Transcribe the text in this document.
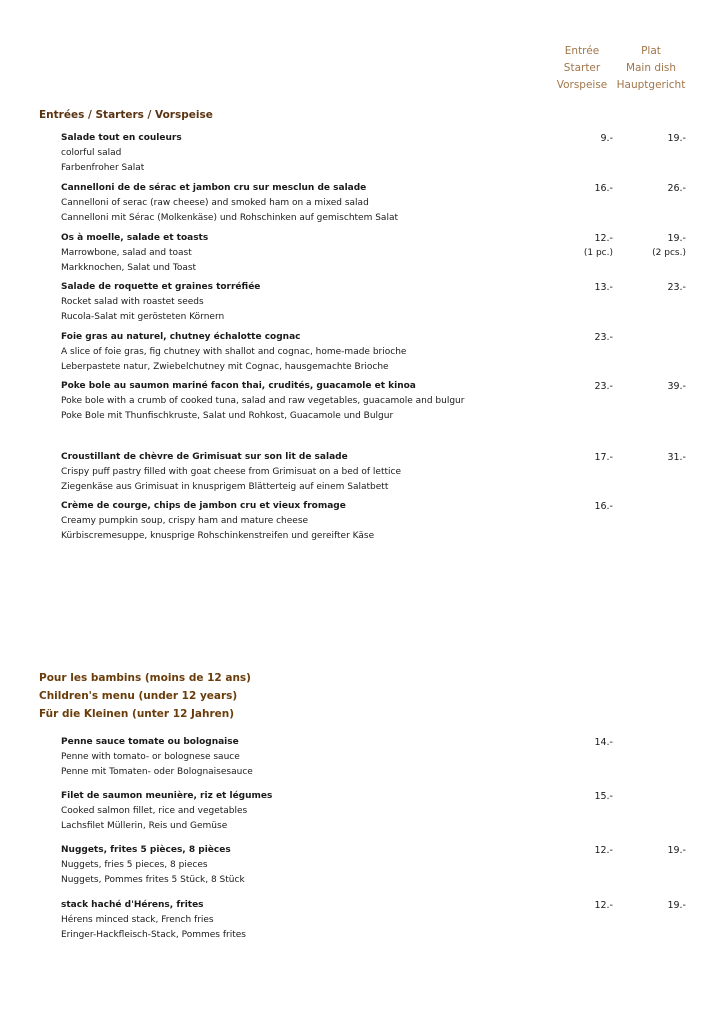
Entrée
Starter
Vorspeise
Plat
Main dish
Hauptgericht
Entrées / Starters / Vorspeise
Salade tout en couleurs
colorful salad
Farbenfroher Salat
9.-	19.-
Cannelloni de de sérac et jambon cru sur mesclun de salade
Cannelloni of serac (raw cheese) and smoked ham on a mixed salad
Cannelloni mit Sérac (Molkenkäse) und Rohschinken auf gemischtem Salat
16.-	26.-
Os à moelle, salade et toasts
Marrowbone, salad and toast
Markknochen, Salat und Toast
12.-	19.-
(1 pc.)	(2 pcs.)
Salade de roquette et graines torréfiée
Rocket salad with roastet seeds
Rucola-Salat mit gerösteten Körnern
13.-	23.-
Foie gras au naturel, chutney échalotte cognac
A slice of foie gras, fig chutney with shallot and cognac, home-made brioche
Leberpastete natur, Zwiebelchutney mit Cognac, hausgemachte Brioche
23.-
Poke bole au saumon mariné facon thai, crudités, guacamole et kinoa
Poke bole with a crumb of cooked tuna, salad and raw vegetables, guacamole and bulgur
Poke Bole mit Thunfischkruste, Salat und Rohkost, Guacamole und Bulgur
23.-	39.-
Croustillant de chèvre de Grimisuat sur son lit de salade
Crispy puff pastry filled with goat cheese from Grimisuat on a bed of lettice
Ziegenkäse aus Grimisuat in knusprigem Blätterteig auf einem Salatbett
17.-	31.-
Crème de courge, chips de jambon cru et vieux fromage
Creamy pumpkin soup, crispy ham and mature cheese
Kürbiscremesuppe, knusprige Rohschinkenstreifen und gereifter Käse
16.-
Pour les bambins (moins de 12 ans)
Children's menu (under 12 years)
Für die Kleinen (unter 12 Jahren)
Penne sauce tomate ou bolognaise
Penne with tomato- or bolognese sauce
Penne mit Tomaten- oder Bolognaisesauce
14.-
Filet de saumon meunière, riz et légumes
Cooked salmon fillet, rice and vegetables
Lachsfilet Müllerin, Reis und Gemüse
15.-
Nuggets, frites 5 pièces, 8 pièces
Nuggets, fries 5 pieces, 8 pieces
Nuggets, Pommes frites 5 Stück, 8 Stück
12.-	19.-
stack haché d'Hérens, frites
Hérens minced stack, French fries
Eringer-Hackfleisch-Stack, Pommes frites
12.-	19.-
